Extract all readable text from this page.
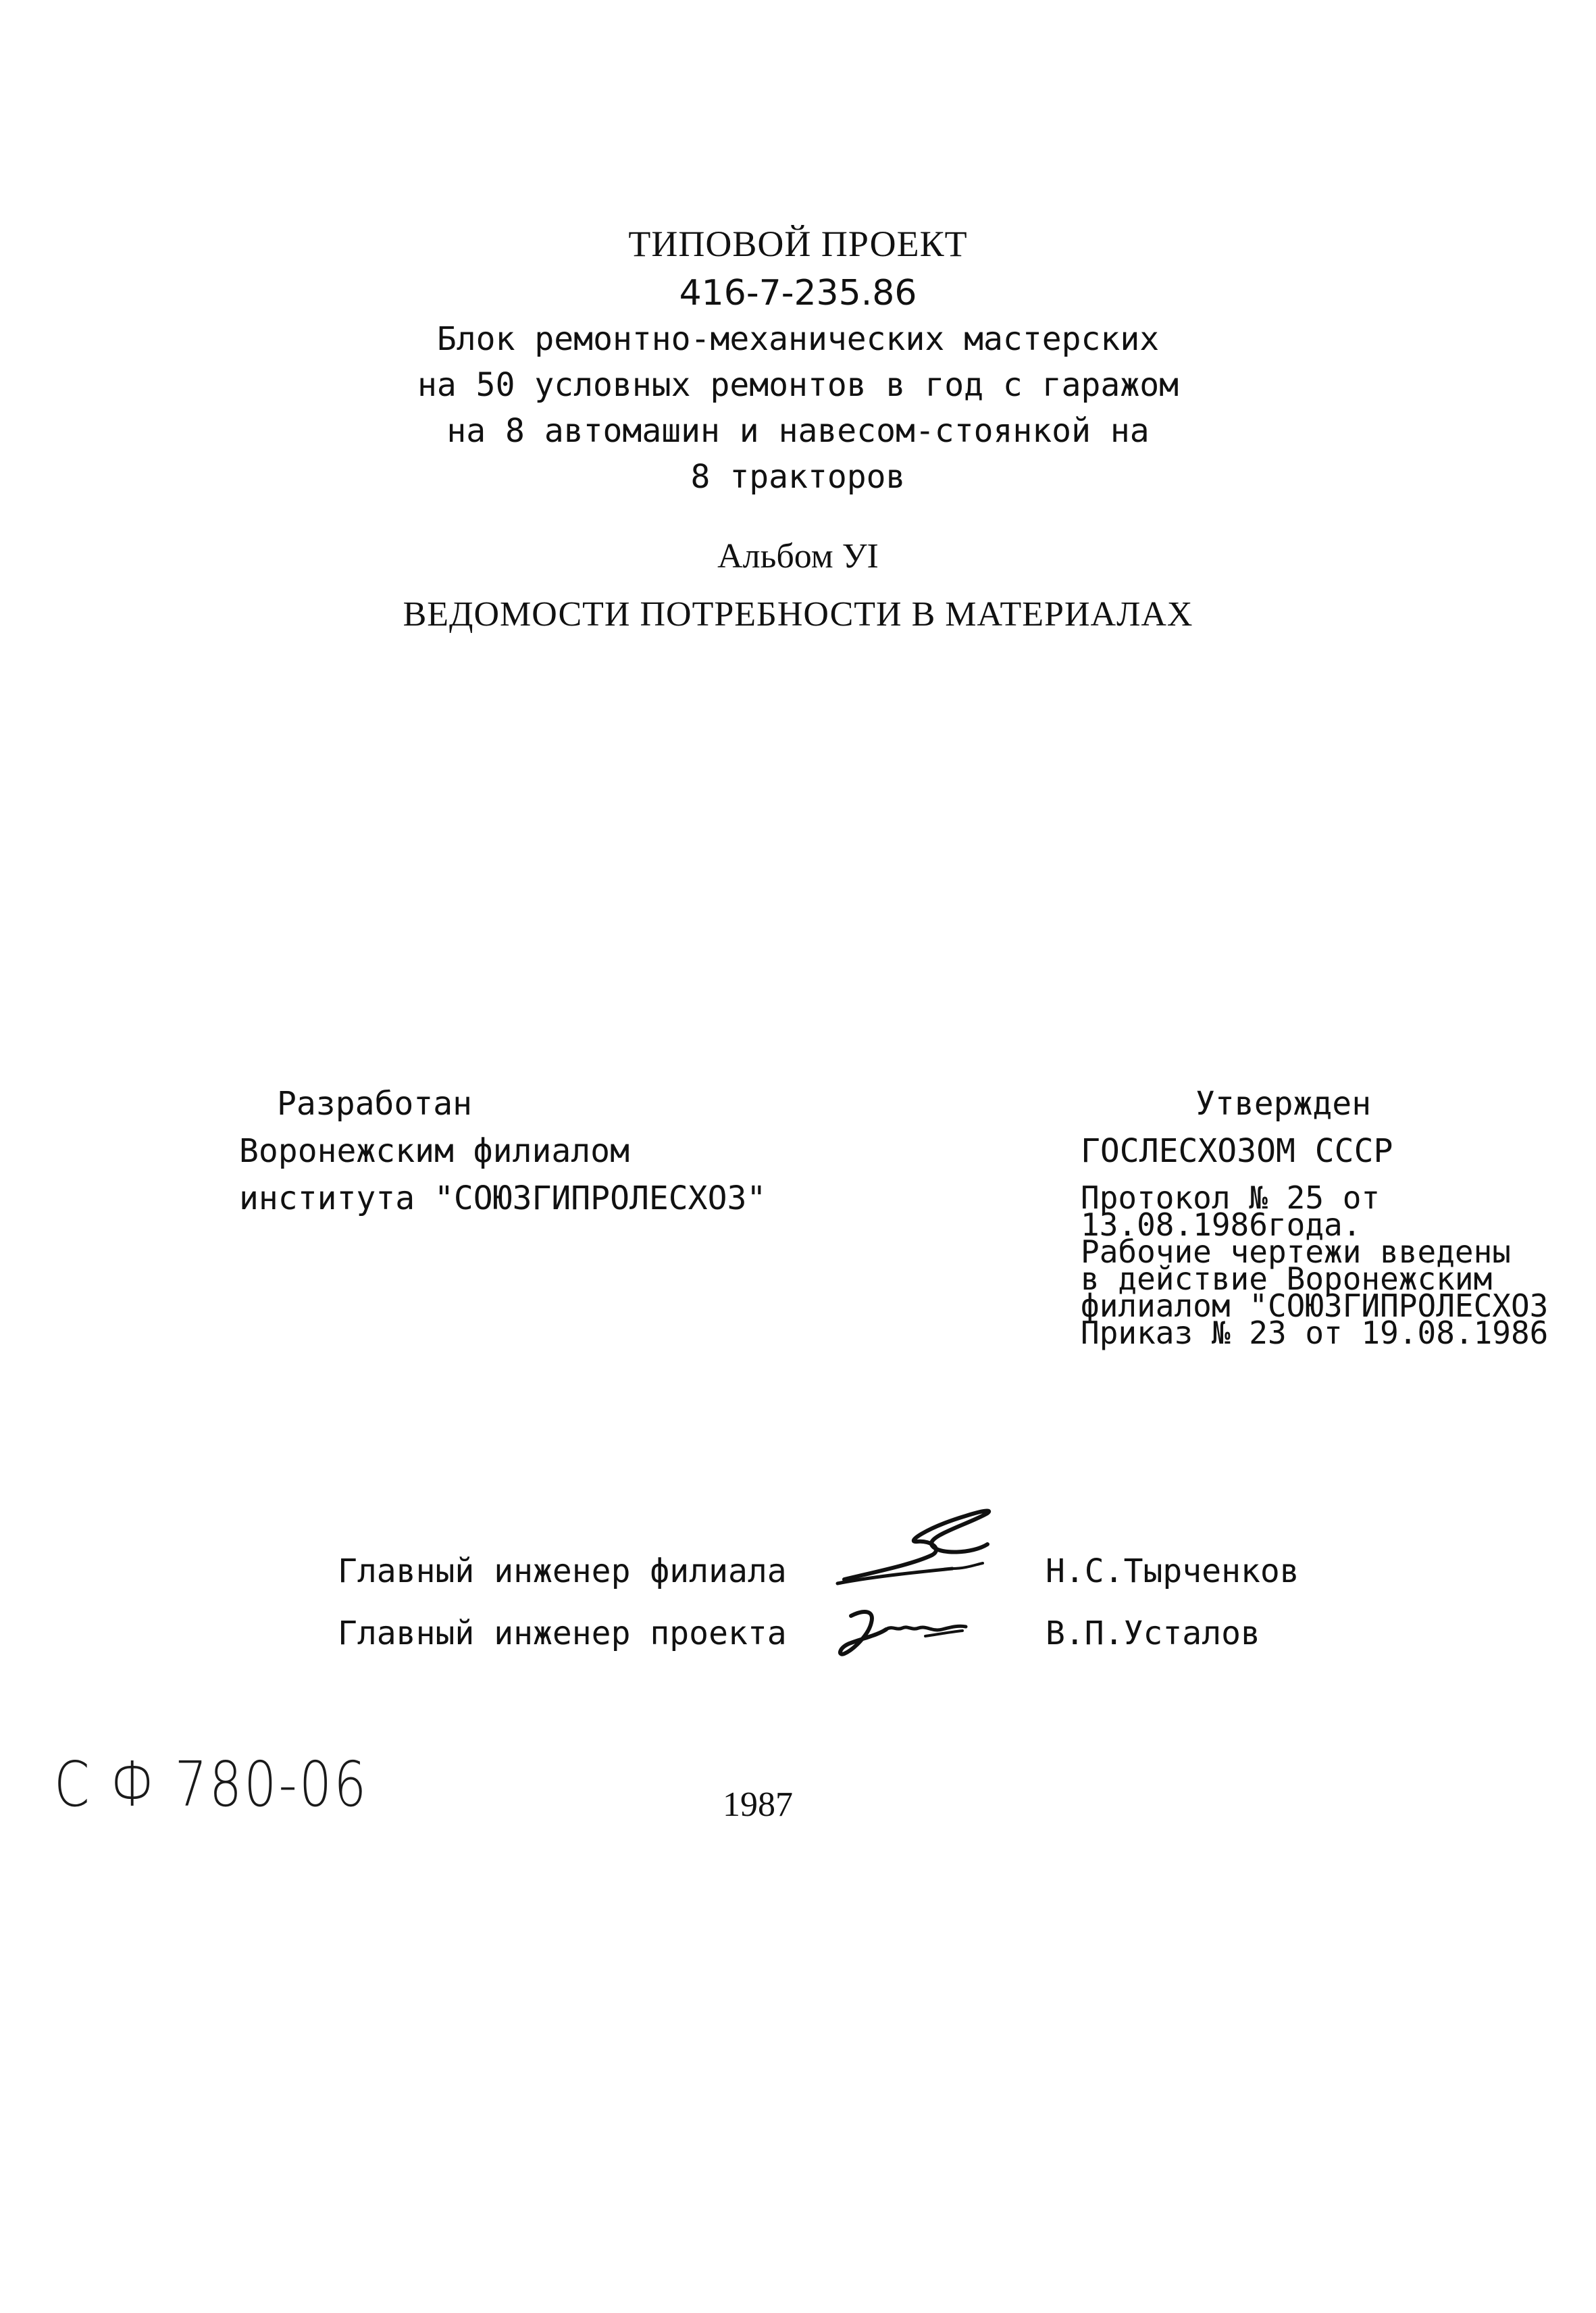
ТИПОВОЙ ПРОЕКТ
416-7-235.86
Блок ремонтно-механических мастерских
на 50 условных ремонтов в год с гаражом
на 8 автомашин и навесом-стоянкой на
8 тракторов
Альбом УI
ВЕДОМОСТИ ПОТРЕБНОСТИ В МАТЕРИАЛАХ
Разработан
Воронежским филиалом
института "СОЮЗГИПРОЛЕСХОЗ"
Утвержден
ГОСЛЕСХОЗОМ СССР
Протокол № 25 от
13.08.1986года.
Рабочие чертежи введены
в действие Воронежским
филиалом "СОЮЗГИПРОЛЕСХОЗ
Приказ № 23 от 19.08.1986
Главный инженер филиала	Н.С.Тырченков
Главный инженер проекта	В.П.Усталов
С Ф 780-06	1987
